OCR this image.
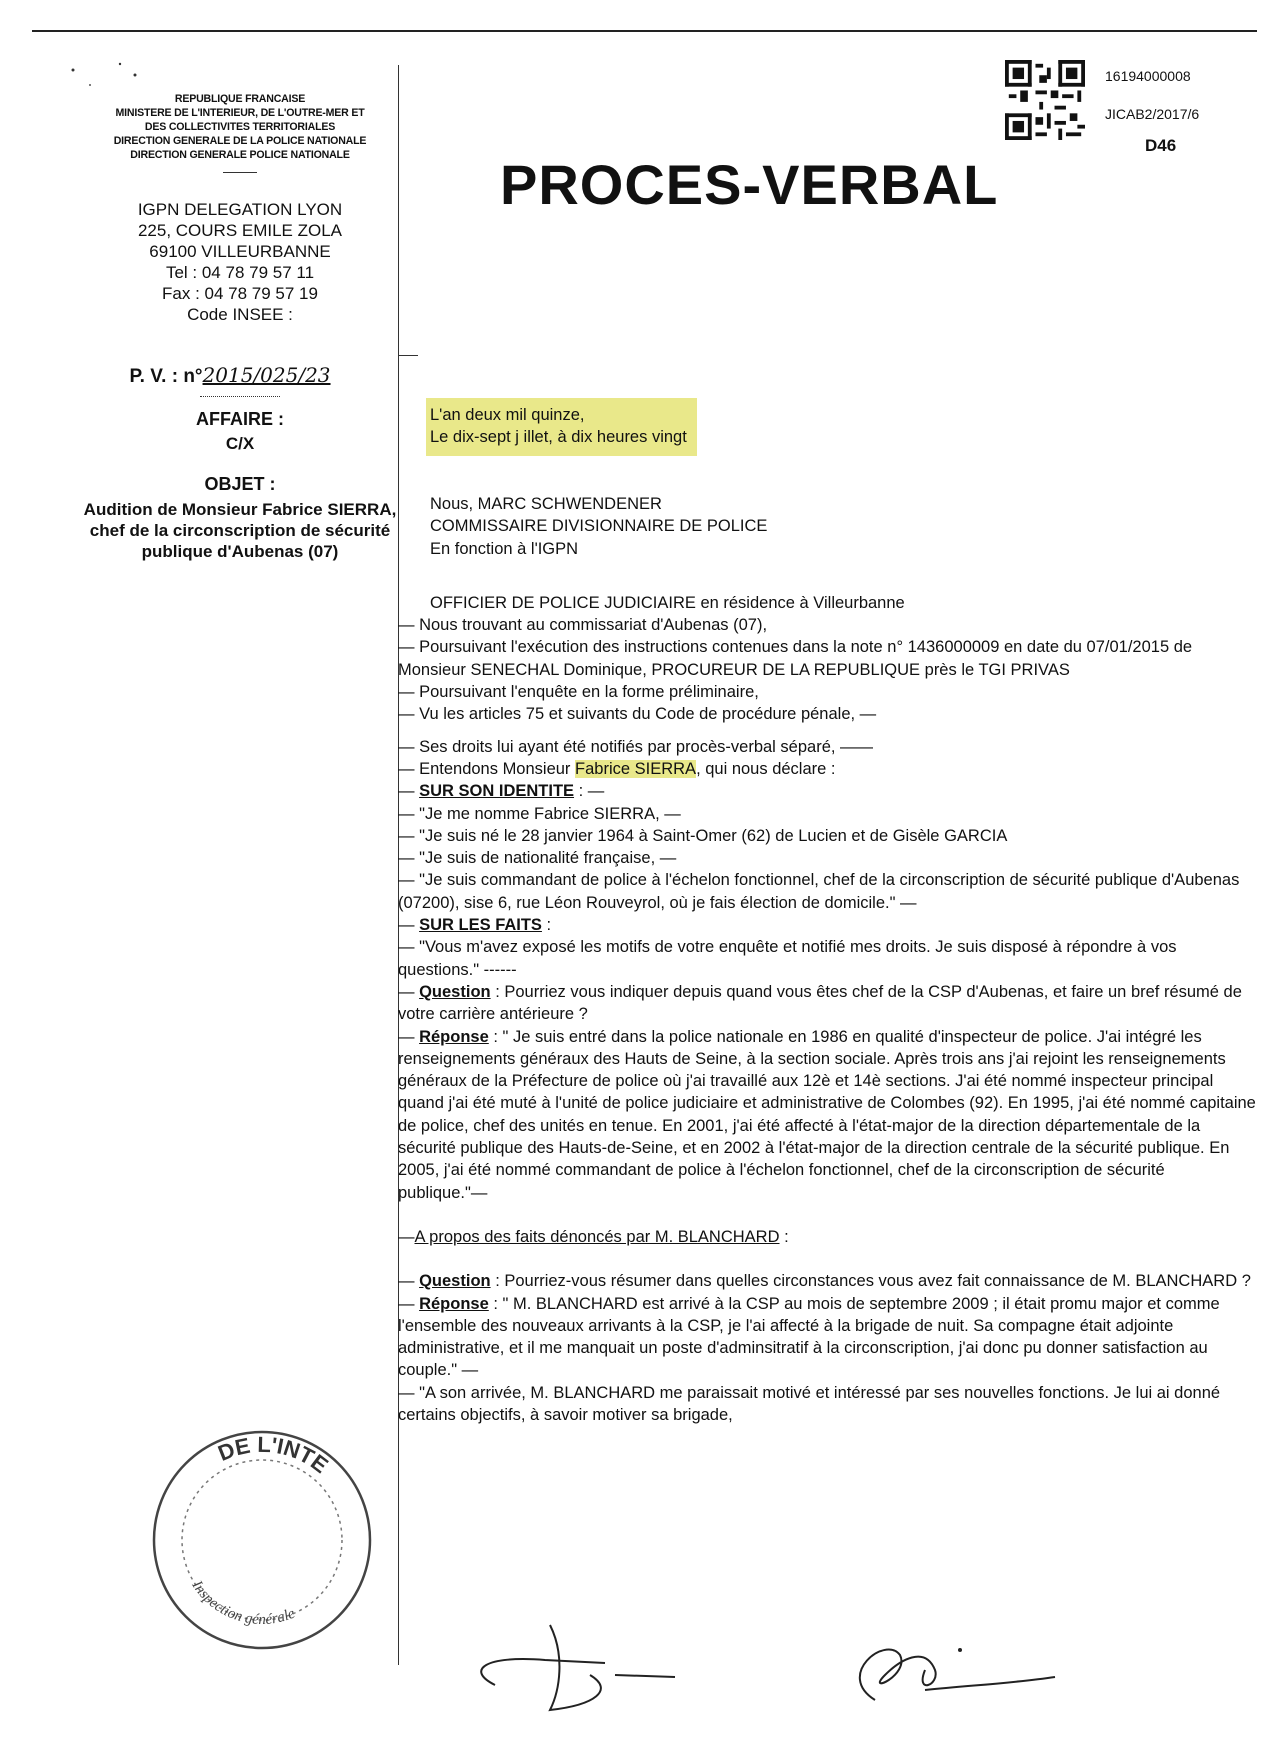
REPUBLIQUE FRANCAISE
MINISTERE DE L'INTERIEUR, DE L'OUTRE-MER ET
DES COLLECTIVITES TERRITORIALES
DIRECTION GENERALE DE LA POLICE NATIONALE
DIRECTION GENERALE POLICE NATIONALE
IGPN DELEGATION LYON
225, COURS EMILE ZOLA
69100 VILLEURBANNE
Tel : 04 78 79 57 11
Fax : 04 78 79 57 19
Code INSEE :
P. V. : n°2015/025/23
AFFAIRE :
C/X
OBJET :
Audition de Monsieur Fabrice SIERRA, chef de la circonscription de sécurité publique d'Aubenas (07)
16194000008
JICAB2/2017/6
D46
PROCES-VERBAL
L'an deux mil quinze,
Le dix-sept j illet, à dix heures vingt
Nous, MARC SCHWENDENER
COMMISSAIRE DIVISIONNAIRE DE POLICE
En fonction à l'IGPN
OFFICIER DE POLICE JUDICIAIRE en résidence à Villeurbanne
— Nous trouvant au commissariat d'Aubenas (07),
— Poursuivant l'exécution des instructions contenues dans la note n° 1436000009 en date du 07/01/2015 de Monsieur SENECHAL Dominique, PROCUREUR DE LA REPUBLIQUE près le TGI PRIVAS
— Poursuivant l'enquête en la forme préliminaire,
— Vu les articles 75 et suivants du Code de procédure pénale, —
— Ses droits lui ayant été notifiés par procès-verbal séparé, ——
— Entendons Monsieur Fabrice SIERRA, qui nous déclare :
— SUR SON IDENTITE : —
— "Je me nomme Fabrice SIERRA, —
— "Je suis né le 28 janvier 1964 à Saint-Omer (62) de Lucien et de Gisèle GARCIA
— "Je suis de nationalité française, —
— "Je suis commandant de police à l'échelon fonctionnel, chef de la circonscription de sécurité publique d'Aubenas (07200), sise 6, rue Léon Rouveyrol, où je fais élection de domicile." —
— SUR LES FAITS :
— "Vous m'avez exposé les motifs de votre enquête et notifié mes droits. Je suis disposé à répondre à vos questions." ------
— Question : Pourriez vous indiquer depuis quand vous êtes chef de la CSP d'Aubenas, et faire un bref résumé de votre carrière antérieure ?
— Réponse : " Je suis entré dans la police nationale en 1986 en qualité d'inspecteur de police. J'ai intégré les renseignements généraux des Hauts de Seine, à la section sociale. Après trois ans j'ai rejoint les renseignements généraux de la Préfecture de police où j'ai travaillé aux 12è et 14è sections. J'ai été nommé inspecteur principal quand j'ai été muté à l'unité de police judiciaire et administrative de Colombes (92). En 1995, j'ai été nommé capitaine de police, chef des unités en tenue. En 2001, j'ai été affecté à l'état-major de la direction départementale de la sécurité publique des Hauts-de-Seine, et en 2002 à l'état-major de la direction centrale de la sécurité publique. En 2005, j'ai été nommé commandant de police à l'échelon fonctionnel, chef de la circonscription de sécurité publique."—
—A propos des faits dénoncés par M. BLANCHARD :
— Question : Pourriez-vous résumer dans quelles circonstances vous avez fait connaissance de M. BLANCHARD ?
— Réponse : " M. BLANCHARD est arrivé à la CSP au mois de septembre 2009 ; il était promu major et comme l'ensemble des nouveaux arrivants à la CSP, je l'ai affecté à la brigade de nuit. Sa compagne était adjointe administrative, et il me manquait un poste d'adminsitratif à la circonscription, j'ai donc pu donner satisfaction au couple." —
— "A son arrivée, M. BLANCHARD me paraissait motivé et intéressé par ses nouvelles fonctions. Je lui ai donné certains objectifs, à savoir motiver sa brigade,
DE L'INTE
Inspection générale
